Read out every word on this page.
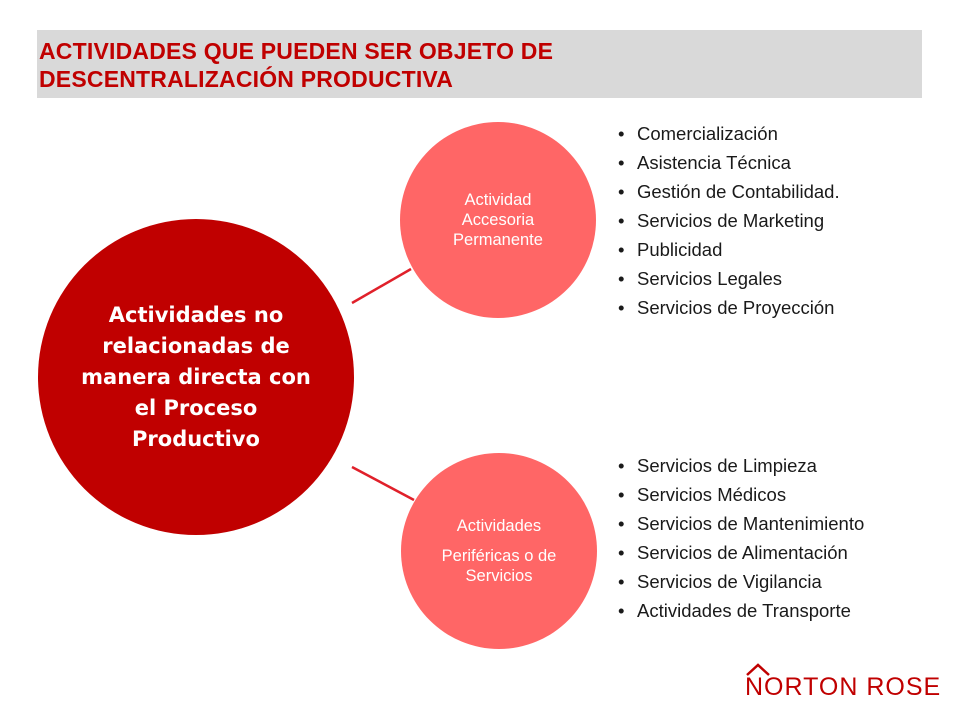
ACTIVIDADES QUE PUEDEN SER OBJETO DE
DESCENTRALIZACIÓN PRODUCTIVA
Actividades no relacionadas de manera directa con el Proceso Productivo
Actividad
Accesoria
Permanente
Actividades
Periféricas o de Servicios
• Comercialización
• Asistencia Técnica
• Gestión de Contabilidad.
• Servicios de Marketing
• Publicidad
• Servicios Legales
• Servicios de Proyección
• Servicios de Limpieza
• Servicios Médicos
• Servicios de Mantenimiento
• Servicios de Alimentación
• Servicios de Vigilancia
• Actividades de Transporte
NORTON ROSE
